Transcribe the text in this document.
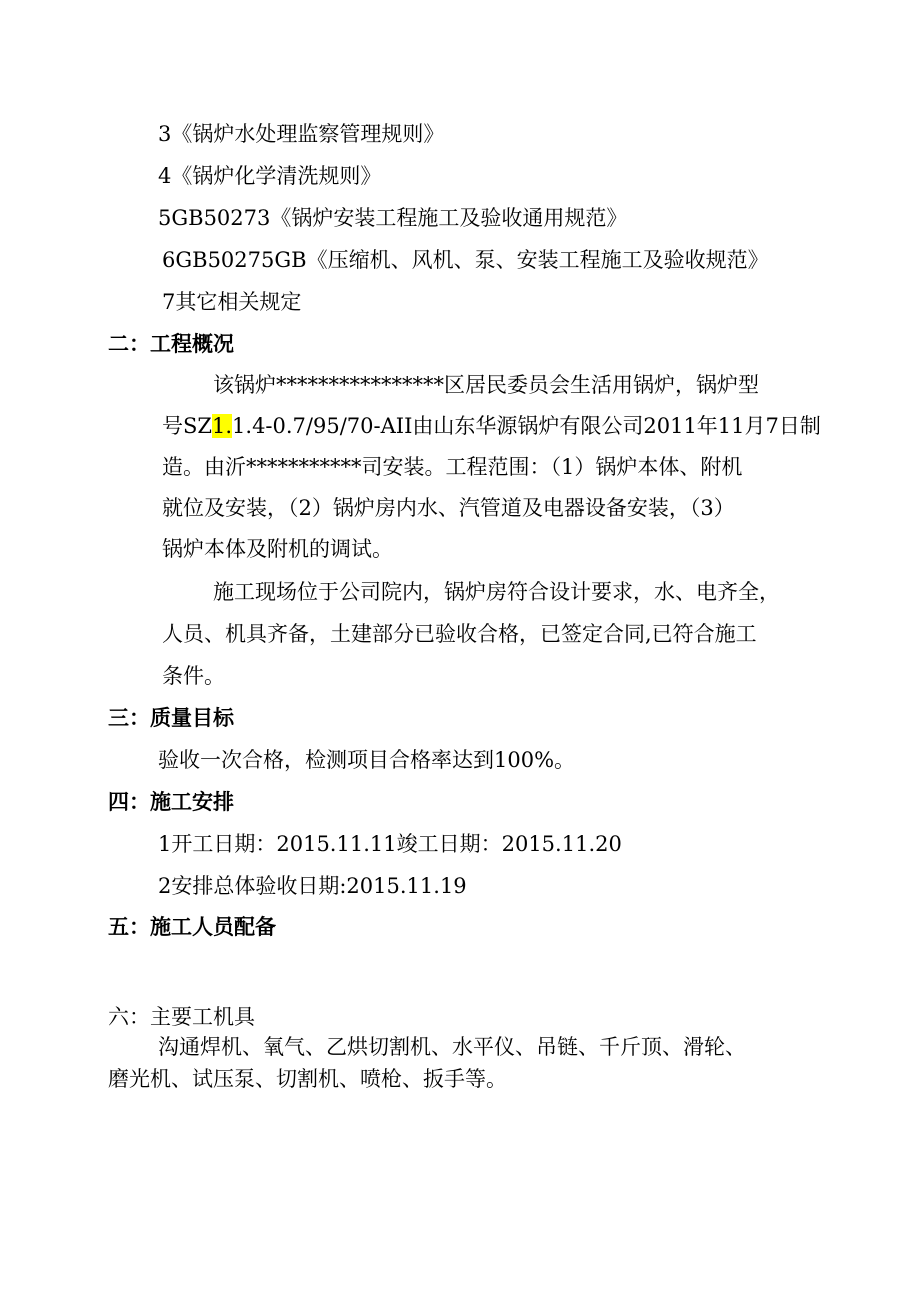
3《锅炉水处理监察管理规则》
4《锅炉化学清洗规则》
5GB50273《锅炉安装工程施工及验收通用规范》
6GB50275GB《压缩机、风机、泵、安装工程施工及验收规范》
7其它相关规定
二：工程概况
该锅炉****************区居民委员会生活用锅炉，锅炉型
号SZ1.1.4-0.7/95/70-AII由山东华源锅炉有限公司2011年11月7日制
造。由沂***********司安装。工程范围：（1）锅炉本体、附机
就位及安装，（2）锅炉房内水、汽管道及电器设备安装，（3）
锅炉本体及附机的调试。
施工现场位于公司院内，锅炉房符合设计要求，水、电齐全，
人员、机具齐备，土建部分已验收合格，已签定合同,已符合施工
条件。
三：质量目标
验收一次合格，检测项目合格率达到100%。
四：施工安排
1开工日期：2015.11.11竣工日期：2015.11.20
2安排总体验收日期:2015.11.19
五：施工人员配备
六：主要工机具
沟通焊机、氧气、乙烘切割机、水平仪、吊链、千斤顶、滑轮、
磨光机、试压泵、切割机、喷枪、扳手等。
